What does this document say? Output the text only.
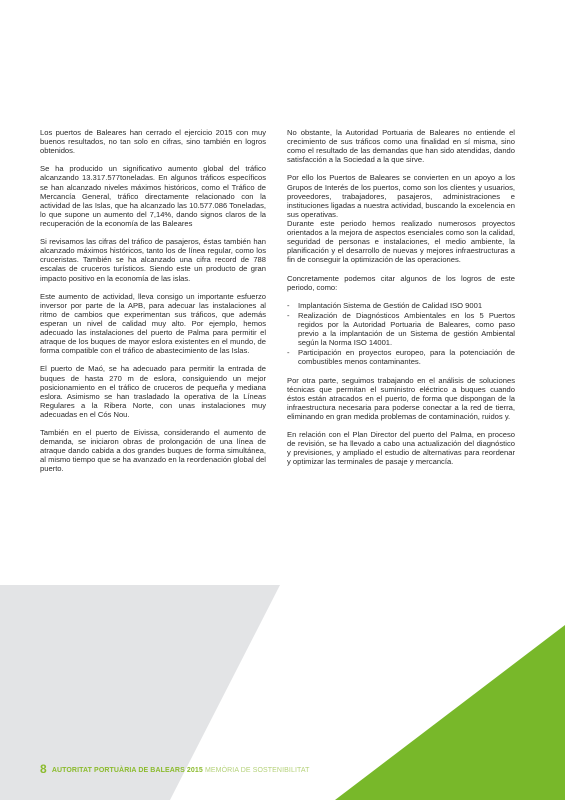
Los puertos de Baleares han cerrado el ejercicio 2015 con muy buenos resultados, no tan solo en cifras, sino también en logros obtenidos.

Se ha producido un significativo aumento global del tráfico alcanzando 13.317.577toneladas. En algunos tráficos específicos se han alcanzado niveles máximos históricos, como el Tráfico de Mercancía General, tráfico directamente relacionado con la actividad de las Islas, que ha alcanzado las 10.577.086 Toneladas, lo que supone un aumento del 7,14%, dando signos claros de la recuperación de la economía de las Baleares

Si revisamos las cifras del tráfico de pasajeros, éstas también han alcanzado máximos históricos, tanto los de línea regular, como los cruceristas. También se ha alcanzado una cifra record de 788 escalas de cruceros turísticos. Siendo este un producto de gran impacto positivo en la economía de las islas.

Este aumento de actividad, lleva consigo un importante esfuerzo inversor por parte de la APB, para adecuar las instalaciones al ritmo de cambios que experimentan sus tráficos, que además esperan un nivel de calidad muy alto. Por ejemplo, hemos adecuado las instalaciones del puerto de Palma para permitir el atraque de los buques de mayor eslora existentes en el mundo, de forma compatible con el tráfico de abastecimiento de las Islas.

El puerto de Maó, se ha adecuado para permitir la entrada de buques de hasta 270 m de eslora, consiguiendo un mejor posicionamiento en el tráfico de cruceros de pequeña y mediana eslora. Asimismo se han trasladado la operativa de la Líneas Regulares a la Ribera Norte, con unas instalaciones muy adecuadas en el Cós Nou.

También en el puerto de Eivissa, considerando el aumento de demanda, se iniciaron obras de prolongación de una línea de atraque dando cabida a dos grandes buques de forma simultánea, al mismo tiempo que se ha avanzado en la reordenación global del puerto.

No obstante, la Autoridad Portuaria de Baleares no entiende el crecimiento de sus tráficos como una finalidad en sí misma, sino como el resultado de las demandas que han sido atendidas, dando satisfacción a la Sociedad a la que sirve.

Por ello los Puertos de Baleares se convierten en un apoyo a los Grupos de Interés de los puertos, como son los clientes y usuarios, proveedores, trabajadores, pasajeros, administraciones e instituciones ligadas a nuestra actividad, buscando la excelencia en sus operativas.

Durante este periodo hemos realizado numerosos proyectos orientados a la mejora de aspectos esenciales como son la calidad, seguridad de personas e instalaciones, el medio ambiente, la planificación y el desarrollo de nuevas y mejores infraestructuras a fin de conseguir la optimización de las operaciones.

Concretamente podemos citar algunos de los logros de este periodo, como:

- Implantación Sistema de Gestión de Calidad ISO 9001
- Realización de Diagnósticos Ambientales en los 5 Puertos regidos por la Autoridad Portuaria de Baleares, como paso previo a la implantación de un Sistema de gestión Ambiental según la Norma ISO 14001.
- Participación en proyectos europeo, para la potenciación de combustibles menos contaminantes.

Por otra parte, seguimos trabajando en el análisis de soluciones técnicas que permitan el suministro eléctrico a buques cuando éstos están atracados en el puerto, de forma que dispongan de la infraestructura necesaria para poderse conectar a la red de tierra, eliminando en gran medida problemas de contaminación, ruidos y.

En relación con el Plan Director del puerto del Palma, en proceso de revisión, se ha llevado a cabo una actualización del diagnóstico y previsiones, y ampliado el estudio de alternativas para reordenar y optimizar las terminales de pasaje y mercancía.

8 AUTORITAT PORTUÀRIA DE BALEARS 2015 MEMÒRIA DE SOSTENIBILITAT
